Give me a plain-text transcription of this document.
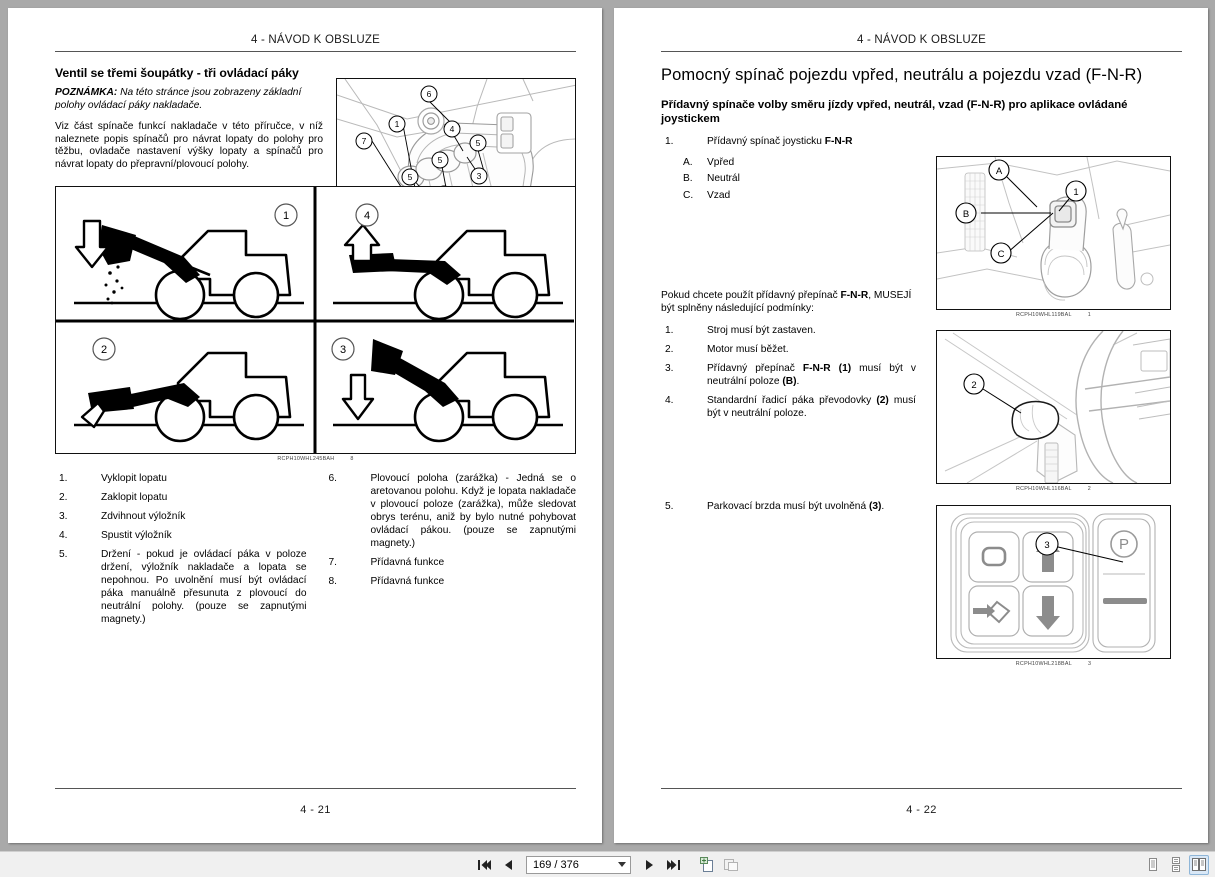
4 - NÁVOD K OBSLUZE
6
1	4
7	5
5
5	3
Ventil se třemi šoupátky - tři ovládací páky

POZNÁMKA: Na této stránce jsou zobrazeny základní polohy ovládací páky nakladače.

Viz část spínače funkcí nakladače v této příručce, v níž naleznete popis spínačů pro návrat lopaty do polohy pro těžbu, ovladače nastavení výšky lopaty a spínačů pro návrat lopaty do přepravní/plovoucí polohy.

1	4
2	3
RCPH10WHL245BAH	8
1.	Vyklopit lopatu
2.	Zaklopit lopatu
3.	Zdvihnout výložník
4.	Spustit výložník
5.	Držení - pokud je ovládací páka v poloze držení, výložník nakladače a lopata se nepohnou. Po uvolnění musí být ovládací páka manuálně přesunuta z plovoucí do neutrální polohy. (pouze se zapnutými magnety.)
6.	Plovoucí poloha (zarážka) - Jedná se o aretovanou polohu. Když je lopata nakladače v plovoucí poloze (zarážka), může sledovat obrys terénu, aniž by bylo nutné pohybovat ovládací pákou. (pouze se zapnutými magnety.)
7.	Přídavná funkce
8.	Přídavná funkce
4 - 21
4 - NÁVOD K OBSLUZE
Pomocný spínač pojezdu vpřed, neutrálu a pojezdu vzad (F-N-R)
Přídavný spínače volby směru jízdy vpřed, neutrál, vzad (F-N-R) pro aplikace ovládané joystickem
1.	Přídavný spínač joysticku F-N-R
A. Vpřed
B. Neutrál
C. Vzad

Pokud chcete použít přídavný přepínač F-N-R, MUSEJÍ být splněny následující podmínky:

1.	Stroj musí být zastaven.
2.	Motor musí běžet.
3.	Přídavný přepínač F-N-R (1) musí být v neutrální poloze (B).
4.	Standardní řadicí páka převodovky (2) musí být v neutrální poloze.
5.	Parkovací brzda musí být uvolněná (3).
A
B
C
1
RCPH10WHL119BAL	1
2
RCPH10WHL116BAL	2
P
3
RCPH10WHL218BAL	3
4 - 22
169 / 376
